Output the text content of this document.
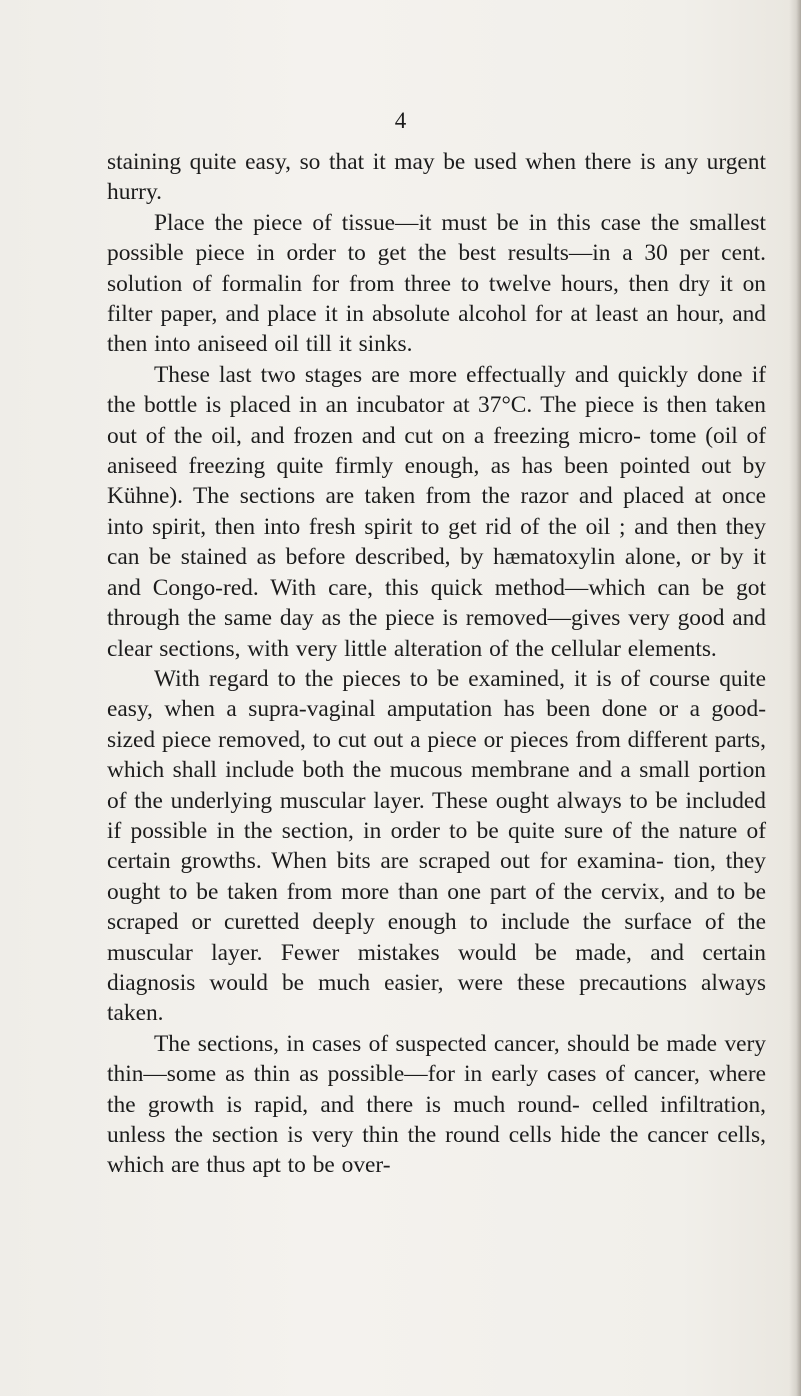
4

staining quite easy, so that it may be used when there is any urgent hurry.

Place the piece of tissue—it must be in this case the smallest possible piece in order to get the best results—in a 30 per cent. solution of formalin for from three to twelve hours, then dry it on filter paper, and place it in absolute alcohol for at least an hour, and then into aniseed oil till it sinks.

These last two stages are more effectually and quickly done if the bottle is placed in an incubator at 37°C. The piece is then taken out of the oil, and frozen and cut on a freezing micro- tome (oil of aniseed freezing quite firmly enough, as has been pointed out by Kühne). The sections are taken from the razor and placed at once into spirit, then into fresh spirit to get rid of the oil ; and then they can be stained as before described, by hæmatoxylin alone, or by it and Congo-red. With care, this quick method—which can be got through the same day as the piece is removed—gives very good and clear sections, with very little alteration of the cellular elements.

With regard to the pieces to be examined, it is of course quite easy, when a supra-vaginal amputation has been done or a good-sized piece removed, to cut out a piece or pieces from different parts, which shall include both the mucous membrane and a small portion of the underlying muscular layer. These ought always to be included if possible in the section, in order to be quite sure of the nature of certain growths. When bits are scraped out for examina- tion, they ought to be taken from more than one part of the cervix, and to be scraped or curetted deeply enough to include the surface of the muscular layer. Fewer mistakes would be made, and certain diagnosis would be much easier, were these precautions always taken.

The sections, in cases of suspected cancer, should be made very thin—some as thin as possible—for in early cases of cancer, where the growth is rapid, and there is much round- celled infiltration, unless the section is very thin the round cells hide the cancer cells, which are thus apt to be over-
